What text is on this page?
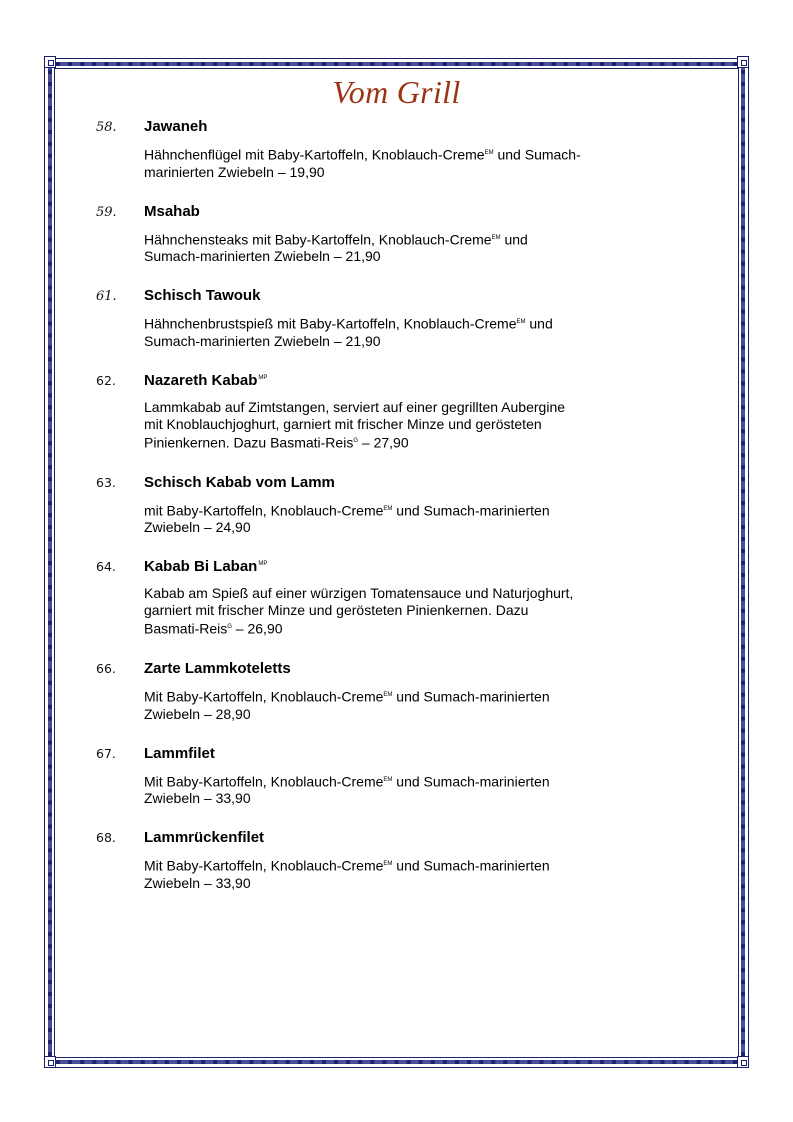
Vom Grill
58.	Jawaneh
Hähnchenflügel mit Baby-Kartoffeln, Knoblauch-Creme$^{EM}$ und Sumach-
marinierten Zwiebeln – 19,90
59.	Msahab
Hähnchensteaks mit Baby-Kartoffeln, Knoblauch-Creme$^{EM}$ und
Sumach-marinierten Zwiebeln – 21,90
61.	Schisch Tawouk
Hähnchenbrustspieß mit Baby-Kartoffeln, Knoblauch-Creme$^{EM}$ und
Sumach-marinierten Zwiebeln – 21,90
62.	Nazareth Kabab$^{MP}$
Lammkabab auf Zimtstangen, serviert auf einer gegrillten Aubergine
mit Knoblauchjoghurt, garniert mit frischer Minze und gerösteten
Pinienkernen. Dazu Basmati-Reis$^G$ – 27,90
63.	Schisch Kabab vom Lamm
mit Baby-Kartoffeln, Knoblauch-Creme$^{EM}$ und Sumach-marinierten
Zwiebeln – 24,90
64.	Kabab Bi Laban$^{MP}$
Kabab am Spieß auf einer würzigen Tomatensauce und Naturjoghurt,
garniert mit frischer Minze und gerösteten Pinienkernen. Dazu
Basmati-Reis$^G$ – 26,90
66.	Zarte Lammkoteletts
Mit Baby-Kartoffeln, Knoblauch-Creme$^{EM}$ und Sumach-marinierten
Zwiebeln – 28,90
67.	Lammfilet
Mit Baby-Kartoffeln, Knoblauch-Creme$^{EM}$ und Sumach-marinierten
Zwiebeln – 33,90
68.	Lammrückenfilet
Mit Baby-Kartoffeln, Knoblauch-Creme$^{EM}$ und Sumach-marinierten
Zwiebeln – 33,90
